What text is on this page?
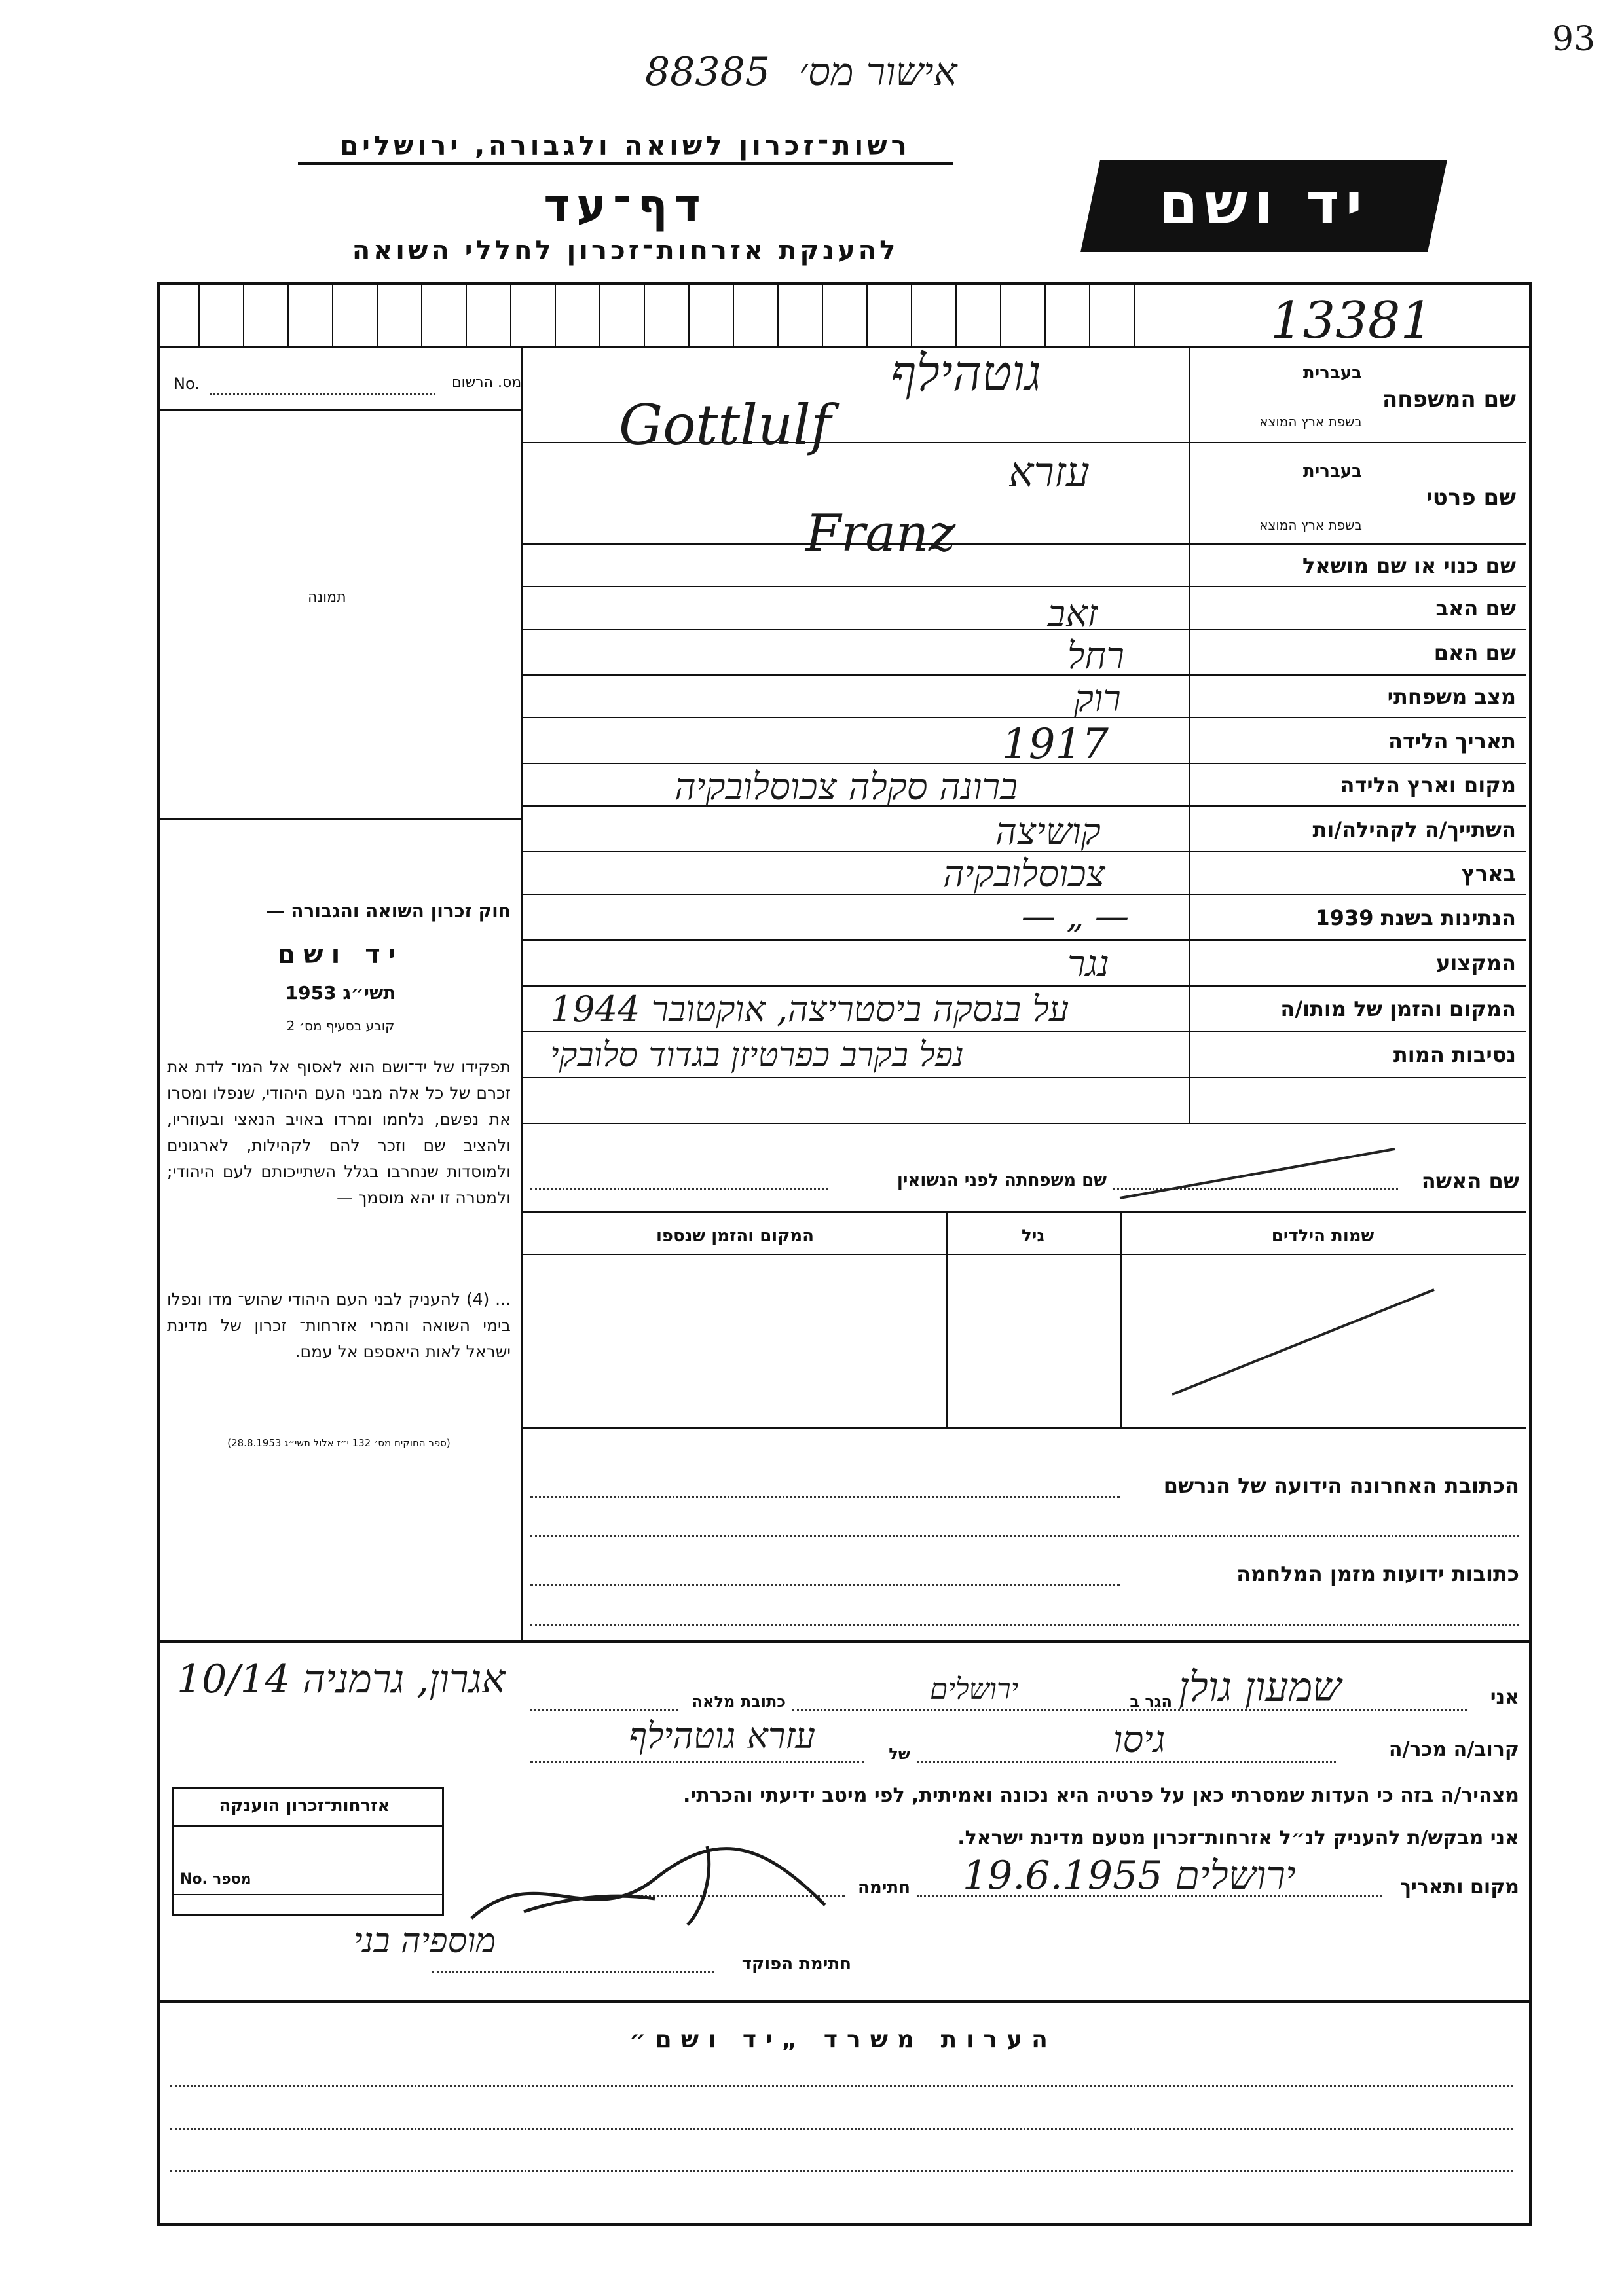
93
88385 אישור מס׳
רשות־זכרון לשואה ולגבורה, ירושלים
דף־עד
להענקת אזרחות־זכרון לחללי השואה
יד ושם
13381
מס. הרשום
No.
תמונה
חוק זכרון השואה והגבורה —
יד ושם
תשי״ג 1953
קובע בסעיף מס׳ 2
תפקידו של יד־ושם הוא לאסוף אל המו־ לדת את זכרם של כל אלה מבני העם היהודי, שנפלו ומסרו את נפשם, נלחמו ומרדו באויב הנאצי ובעוזריו, ולהציב שם וזכר להם לקהילות, לארגונים ולמוסדות שנחרבו בגלל השתייכותם לעם היהודי; ולמטרה זו יהא מוסמך —
... (4) להעניק לבני העם היהודי שהוש־ מדו ונפלו בימי השואה והמרי אזרחות־ זכרון של מדינת ישראל לאות היאספם אל עמם.
(ספר החוקים מס׳ 132 י״ז אלול תשי״ג 28.8.1953)
שם המשפחה
בעברית
בשפת ארץ המוצא
גוטהילף
Gottlulf
שם פרטי
בעברית
בשפת ארץ המוצא
עזרא
Franz
שם כנוי או שם מושאל
שם האב
זאב
שם האם
רחל
מצב משפחתי
רוק
תאריך הלידה
1917
מקום וארץ הלידה
ברונה סקלה צכוסלובקיה
השתייך/ה לקהילה/ות
קושיצה
בארץ
צכוסלובקיה
הנתינות בשנת 1939
— „ —
המקצוע
נגר
המקום והזמן של מותו/ה
על בנסקה ביסטריצה, אוקטובר 1944
נסיבות המות
נפל בקרב כפרטיזן בגדוד סלובקי
שם האשה
שם משפחתה לפני הנשואין
שמות הילדים
גיל
המקום והזמן שנספו
הכתובת האחרונה הידועה של הנרשם
כתובות ידועות מזמן המלחמה
אני
שמעון גולן
הגר ב
ירושלים
כתובת מלאה
אגרון, גרמניה 10/14
קרוב/ה מכר/ה
גיסו
של
עזרא גוטהילף
מצהיר/ה בזה כי העדות שמסרתי כאן על פרטיה היא נכונה ואמיתית, לפי מיטב ידיעתי והכרתי.
אני מבקש/ת להעניק לנ״ל אזרחות־זכרון מטעם מדינת ישראל.
מקום ותאריך
ירושלים 19.6.1955
חתימה
חתימת הפוקד
מוספיה בני
אזרחות־זכרון הוענקה
מספר
No.
הערות משרד „יד ושם״
